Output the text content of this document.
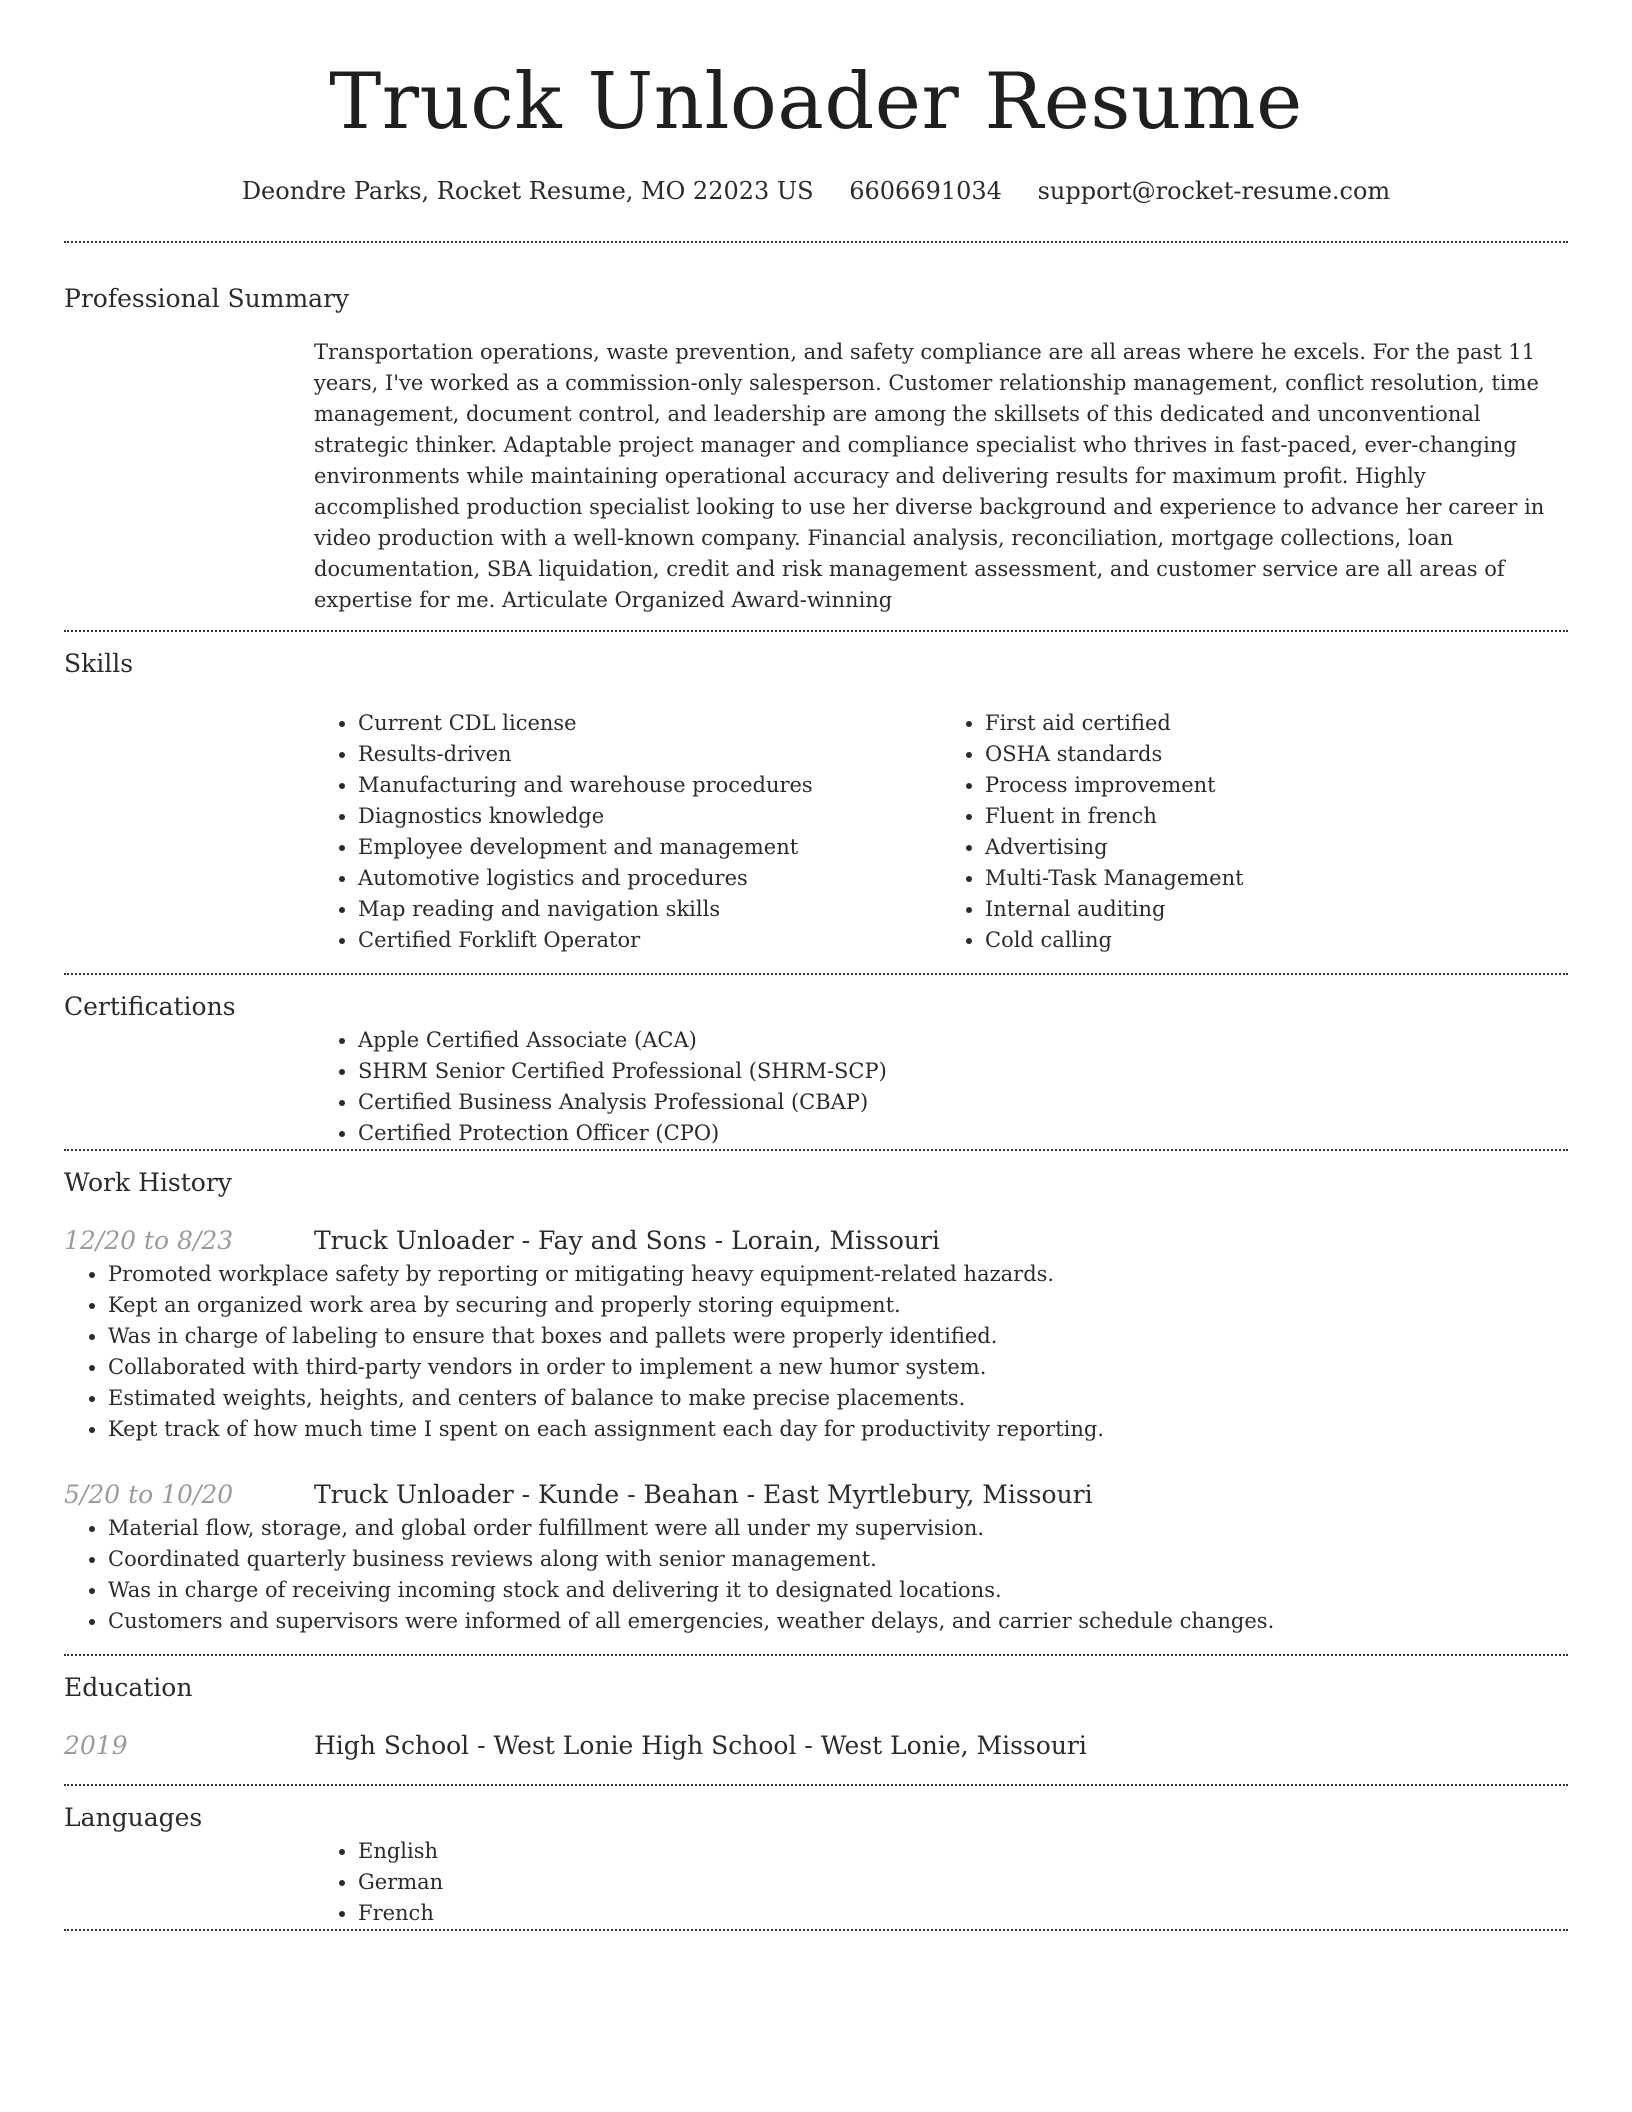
Truck Unloader Resume
Deondre Parks, Rocket Resume, MO 22023 US 6606691034 support@rocket-resume.com
Professional Summary

Transportation operations, waste prevention, and safety compliance are all areas where he excels. For the past 11 years, I've worked as a commission-only salesperson. Customer relationship management, conflict resolution, time management, document control, and leadership are among the skillsets of this dedicated and unconventional strategic thinker. Adaptable project manager and compliance specialist who thrives in fast-paced, ever-changing environments while maintaining operational accuracy and delivering results for maximum profit. Highly accomplished production specialist looking to use her diverse background and experience to advance her career in video production with a well-known company. Financial analysis, reconciliation, mortgage collections, loan documentation, SBA liquidation, credit and risk management assessment, and customer service are all areas of expertise for me. Articulate Organized Award-winning

Skills
• Current CDL license
• Results-driven
• Manufacturing and warehouse procedures
• Diagnostics knowledge
• Employee development and management
• Automotive logistics and procedures
• Map reading and navigation skills
• Certified Forklift Operator
• First aid certified
• OSHA standards
• Process improvement
• Fluent in french
• Advertising
• Multi-Task Management
• Internal auditing
• Cold calling
Certifications
• Apple Certified Associate (ACA)
• SHRM Senior Certified Professional (SHRM-SCP)
• Certified Business Analysis Professional (CBAP)
• Certified Protection Officer (CPO)
Work History
12/20 to 8/23	Truck Unloader - Fay and Sons - Lorain, Missouri
• Promoted workplace safety by reporting or mitigating heavy equipment-related hazards.
• Kept an organized work area by securing and properly storing equipment.
• Was in charge of labeling to ensure that boxes and pallets were properly identified.
• Collaborated with third-party vendors in order to implement a new humor system.
• Estimated weights, heights, and centers of balance to make precise placements.
• Kept track of how much time I spent on each assignment each day for productivity reporting.
5/20 to 10/20	Truck Unloader - Kunde - Beahan - East Myrtlebury, Missouri
• Material flow, storage, and global order fulfillment were all under my supervision.
• Coordinated quarterly business reviews along with senior management.
• Was in charge of receiving incoming stock and delivering it to designated locations.
• Customers and supervisors were informed of all emergencies, weather delays, and carrier schedule changes.
Education
2019	High School - West Lonie High School - West Lonie, Missouri
Languages
• English
• German
• French
